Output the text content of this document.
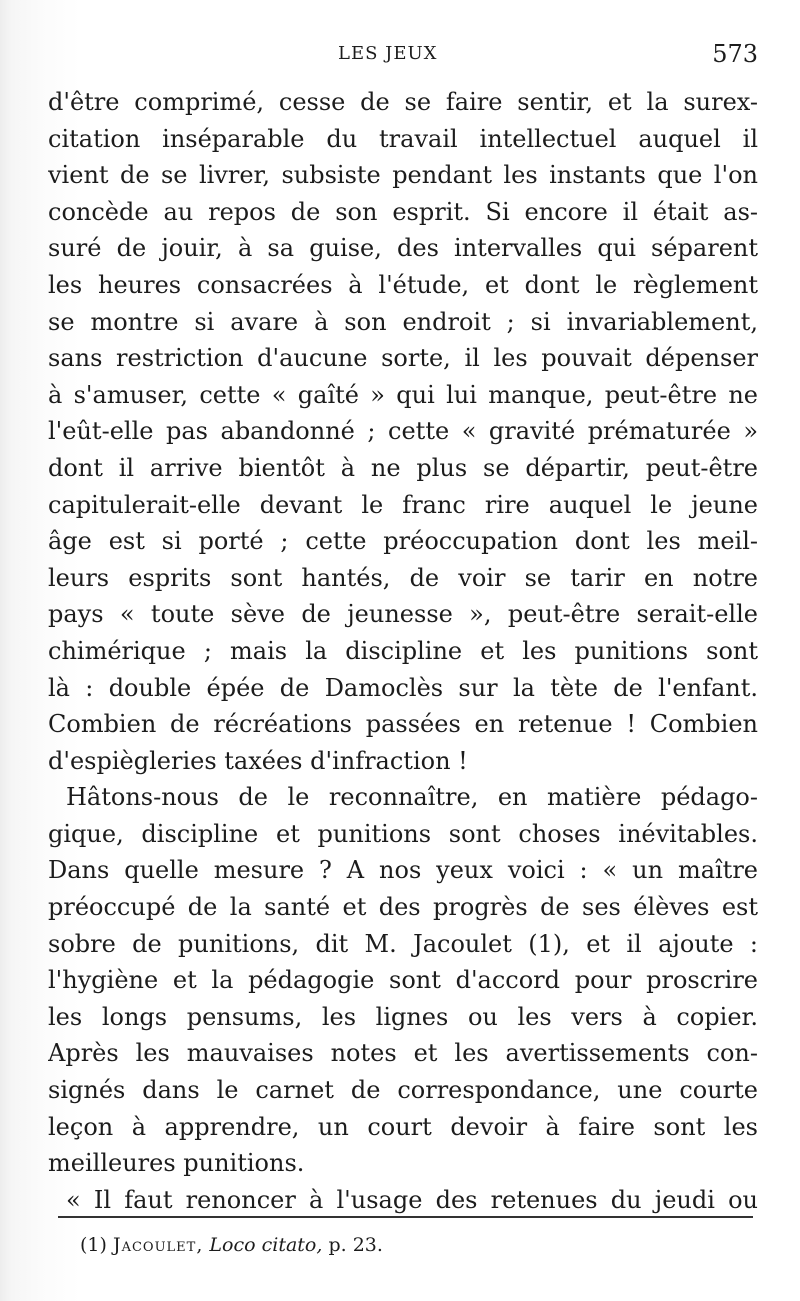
LES JEUX	573
d'être comprimé, cesse de se faire sentir, et la surex-
citation inséparable du travail intellectuel auquel il
vient de se livrer, subsiste pendant les instants que l'on
concède au repos de son esprit. Si encore il était as-
suré de jouir, à sa guise, des intervalles qui séparent
les heures consacrées à l'étude, et dont le règlement
se montre si avare à son endroit ; si invariablement,
sans restriction d'aucune sorte, il les pouvait dépenser
à s'amuser, cette « gaîté » qui lui manque, peut-être ne
l'eût-elle pas abandonné ; cette « gravité prématurée »
dont il arrive bientôt à ne plus se départir, peut-être
capitulerait-elle devant le franc rire auquel le jeune
âge est si porté ; cette préoccupation dont les meil-
leurs esprits sont hantés, de voir se tarir en notre
pays « toute sève de jeunesse », peut-être serait-elle
chimérique ; mais la discipline et les punitions sont
là : double épée de Damoclès sur la tète de l'enfant.
Combien de récréations passées en retenue ! Combien
d'espiègleries taxées d'infraction !
Hâtons-nous de le reconnaître, en matière pédago-
gique, discipline et punitions sont choses inévitables.
Dans quelle mesure ? A nos yeux voici : « un maître
préoccupé de la santé et des progrès de ses élèves est
sobre de punitions, dit M. Jacoulet (1), et il ajoute :
l'hygiène et la pédagogie sont d'accord pour proscrire
les longs pensums, les lignes ou les vers à copier.
Après les mauvaises notes et les avertissements con-
signés dans le carnet de correspondance, une courte
leçon à apprendre, un court devoir à faire sont les
meilleures punitions.
« Il faut renoncer à l'usage des retenues du jeudi ou
(1) Jacoulet, Loco citato, p. 23.
